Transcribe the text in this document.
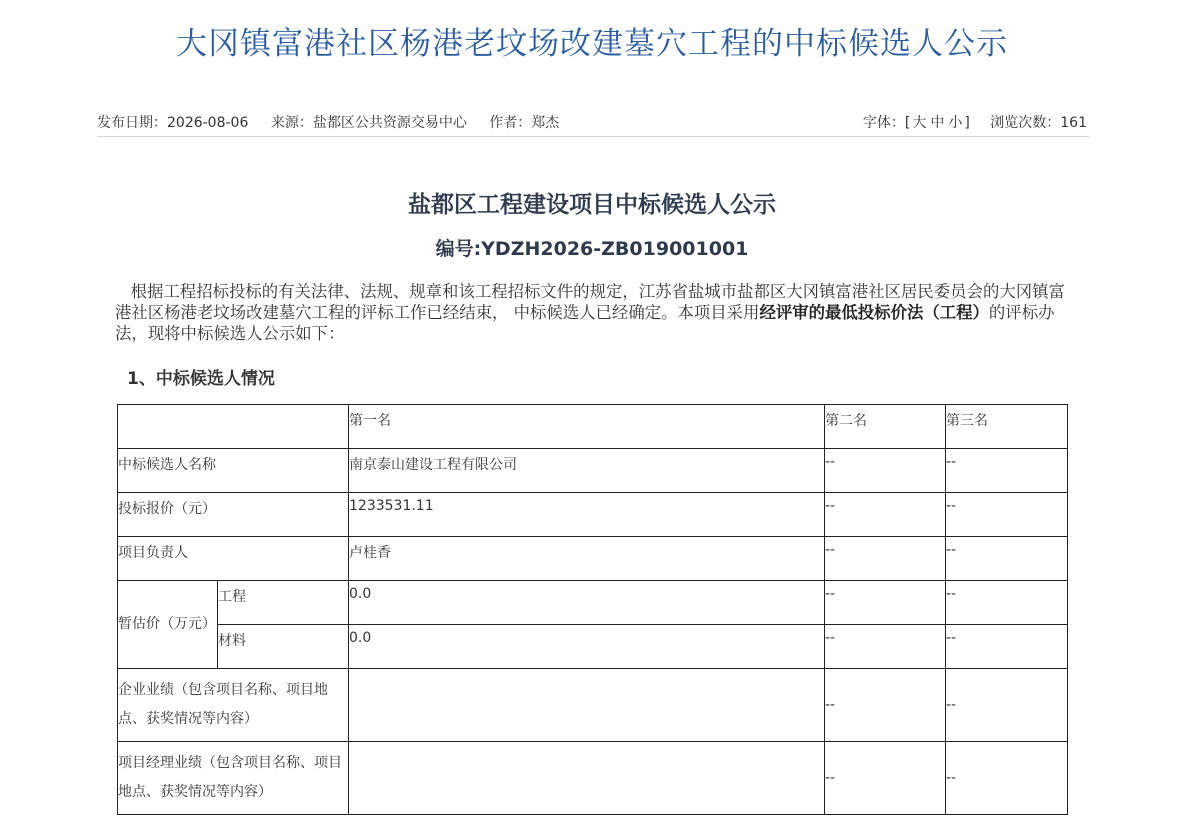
大冈镇富港社区杨港老坟场改建墓穴工程的中标候选人公示
发布日期：2026-08-06 来源：盐都区公共资源交易中心 作者：郑杰	字体：[ 大 中 小 ] 浏览次数：161
盐都区工程建设项目中标候选人公示
编号:YDZH2026-ZB019001001
根据工程招标投标的有关法律、法规、规章和该工程招标文件的规定，江苏省盐城市盐都区大冈镇富港社区居民委员会的大冈镇富港社区杨港老坟场改建墓穴工程的评标工作已经结束， 中标候选人已经确定。本项目采用经评审的最低投标价法（工程）的评标办法，现将中标候选人公示如下：
1、中标候选人情况
		第一名	第二名	第三名
中标候选人名称		南京泰山建设工程有限公司	--	--
投标报价（元）		1233531.11	--	--
项目负责人		卢桂香	--	--
暂估价（万元）	工程	0.0	--	--
	材料	0.0	--	--
企业业绩（包含项目名称、项目地点、获奖情况等内容）			--	--
项目经理业绩（包含项目名称、项目地点、获奖情况等内容）			--	--
